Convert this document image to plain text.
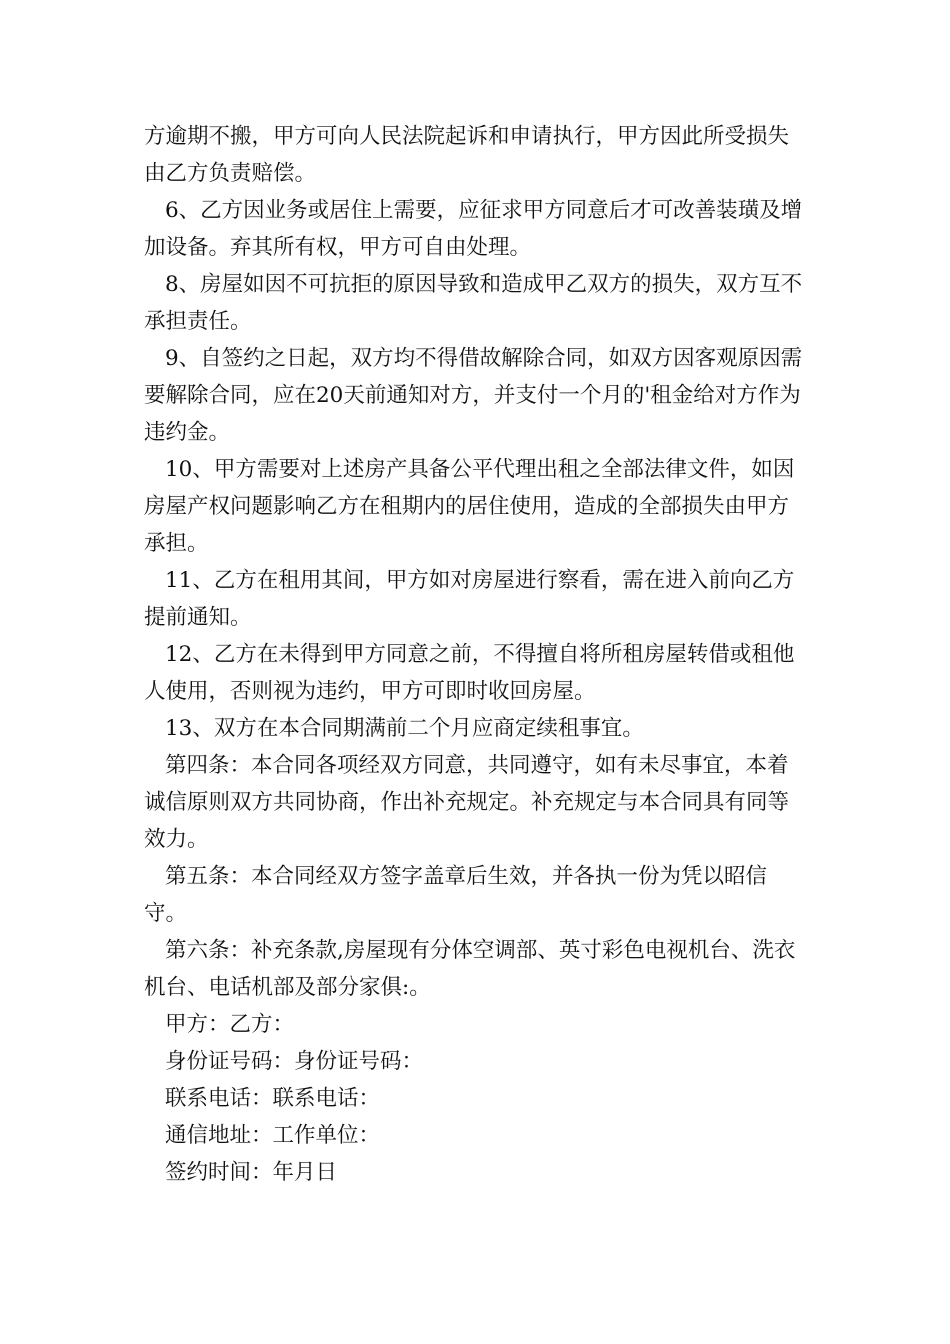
方逾期不搬，甲方可向人民法院起诉和申请执行，甲方因此所受损失由乙方负责赔偿。

6、乙方因业务或居住上需要，应征求甲方同意后才可改善装璜及增加设备。弃其所有权，甲方可自由处理。

8、房屋如因不可抗拒的原因导致和造成甲乙双方的损失，双方互不承担责任。

9、自签约之日起，双方均不得借故解除合同，如双方因客观原因需要解除合同，应在20天前通知对方，并支付一个月的'租金给对方作为违约金。

10、甲方需要对上述房产具备公平代理出租之全部法律文件，如因房屋产权问题影响乙方在租期内的居住使用，造成的全部损失由甲方承担。

11、乙方在租用其间，甲方如对房屋进行察看，需在进入前向乙方提前通知。

12、乙方在未得到甲方同意之前，不得擅自将所租房屋转借或租他人使用，否则视为违约，甲方可即时收回房屋。

13、双方在本合同期满前二个月应商定续租事宜。

第四条：本合同各项经双方同意，共同遵守，如有未尽事宜，本着诚信原则双方共同协商，作出补充规定。补充规定与本合同具有同等效力。

第五条：本合同经双方签字盖章后生效，并各执一份为凭以昭信守。

第六条：补充条款,房屋现有分体空调部、英寸彩色电视机台、洗衣机台、电话机部及部分家俱:。

甲方：乙方：

身份证号码：身份证号码：

联系电话：联系电话：

通信地址：工作单位：

签约时间：年月日
